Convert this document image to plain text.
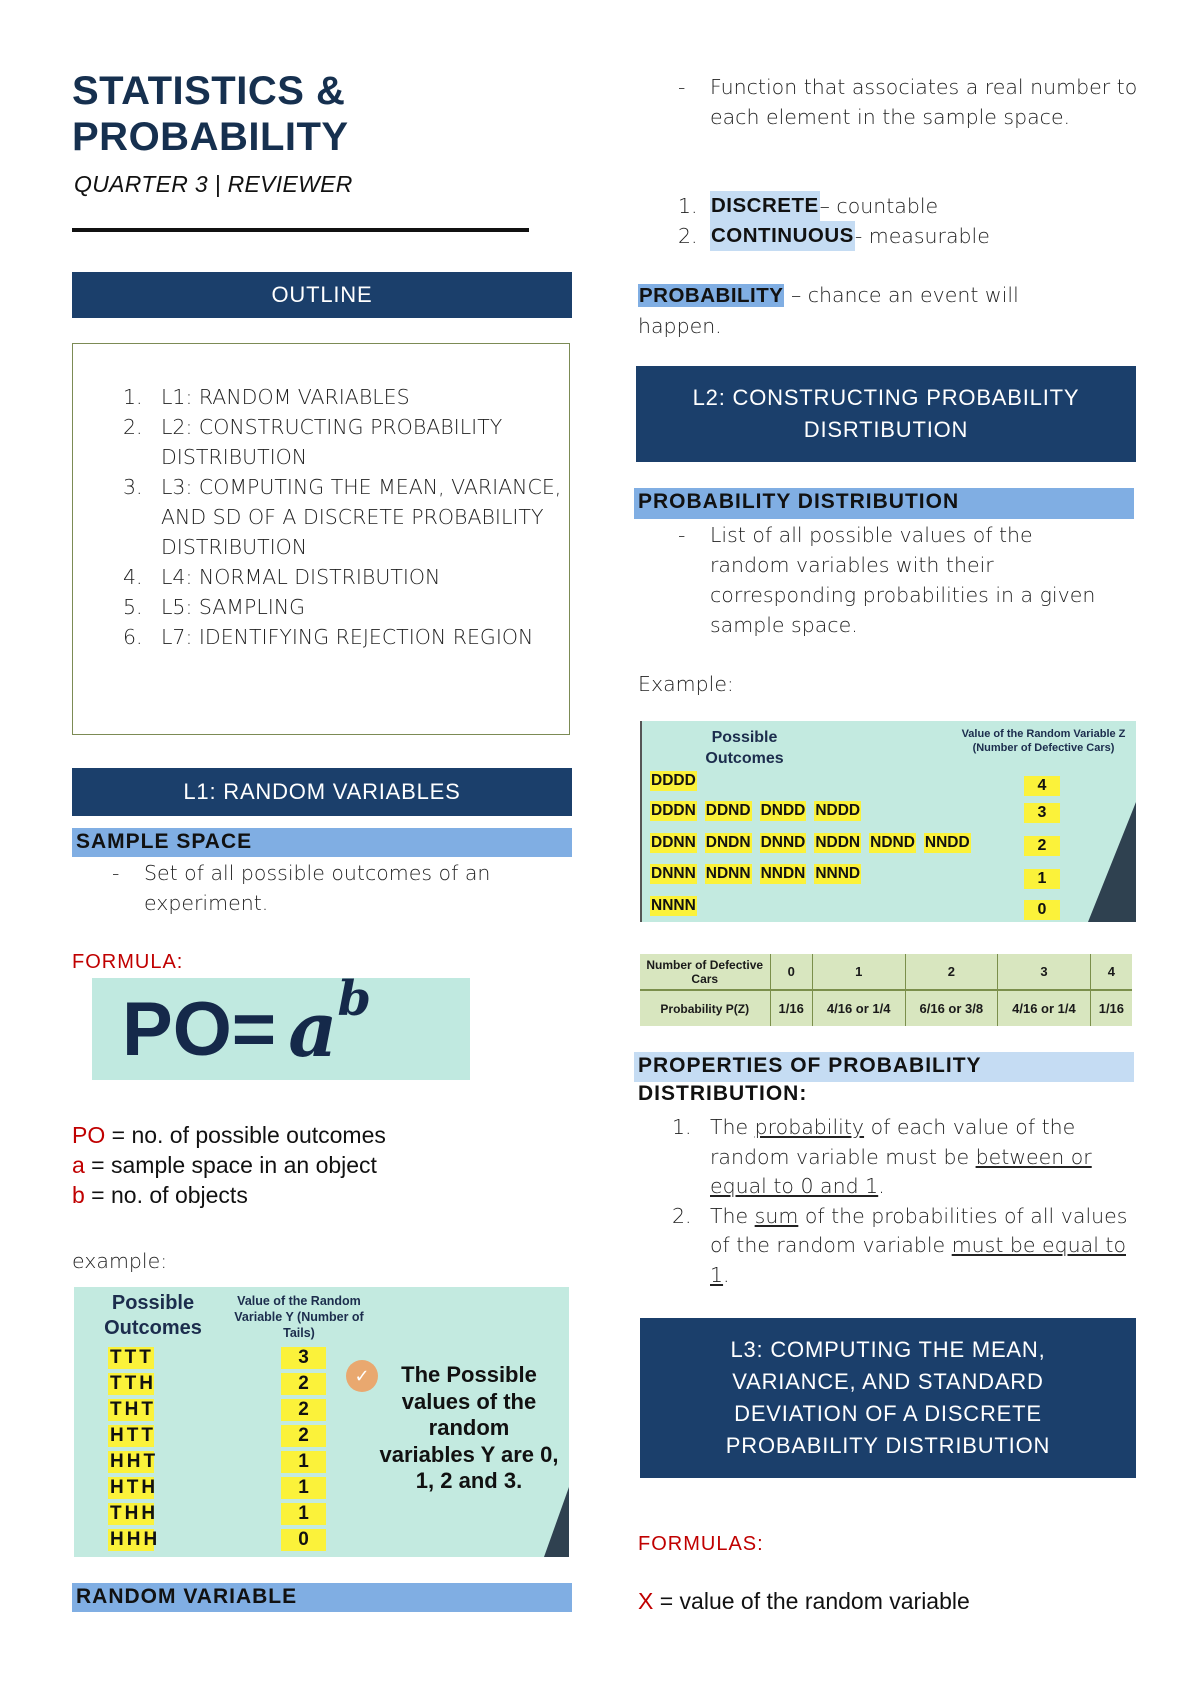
STATISTICS &
PROBABILITY
QUARTER 3 | REVIEWER
OUTLINE
1. L1: RANDOM VARIABLES
2. L2: CONSTRUCTING PROBABILITY DISTRIBUTION
3. L3: COMPUTING THE MEAN, VARIANCE, AND SD OF A DISCRETE PROBABILITY DISTRIBUTION
4. L4: NORMAL DISTRIBUTION
5. L5: SAMPLING
6. L7: IDENTIFYING REJECTION REGION
L1: RANDOM VARIABLES
SAMPLE SPACE
-	Set of all possible outcomes of an experiment.
FORMULA:
PO= a b
PO = no. of possible outcomes
a = sample space in an object
b = no. of objects
example:
Possible Outcomes
Value of the Random Variable Y (Number of Tails)
TTT	3
TTH	2
THT	2
HTT	2
HHT	1
HTH	1
THH	1
HHH	0
✓	The Possible values of the random variables Y are 0, 1, 2 and 3.
RANDOM VARIABLE
-	Function that associates a real number to each element in the sample space.
1. DISCRETE – countable
2. CONTINUOUS - measurable
PROBABILITY – chance an event will happen.
L2: CONSTRUCTING PROBABILITY DISRTIBUTION
PROBABILITY DISTRIBUTION
-	List of all possible values of the random variables with their corresponding probabilities in a given sample space.
Example:
Possible Outcomes
Value of the Random Variable Z (Number of Defective Cars)
DDDD	4
DDDN DDND DNDD NDDD	3
DDNN DNDN DNND NDDN NDND NNDD	2
DNNN NDNN NNDN NNND	1
NNNN	0
Number of Defective Cars	0	1	2	3	4
Probability P(Z)	1/16	4/16 or 1/4	6/16 or 3/8	4/16 or 1/4	1/16
PROPERTIES OF PROBABILITY DISTRIBUTION:
1. The probability of each value of the random variable must be between or equal to 0 and 1.
2. The sum of the probabilities of all values of the random variable must be equal to 1.
L3: COMPUTING THE MEAN, VARIANCE, AND STANDARD DEVIATION OF A DISCRETE PROBABILITY DISTRIBUTION
FORMULAS:
X = value of the random variable
